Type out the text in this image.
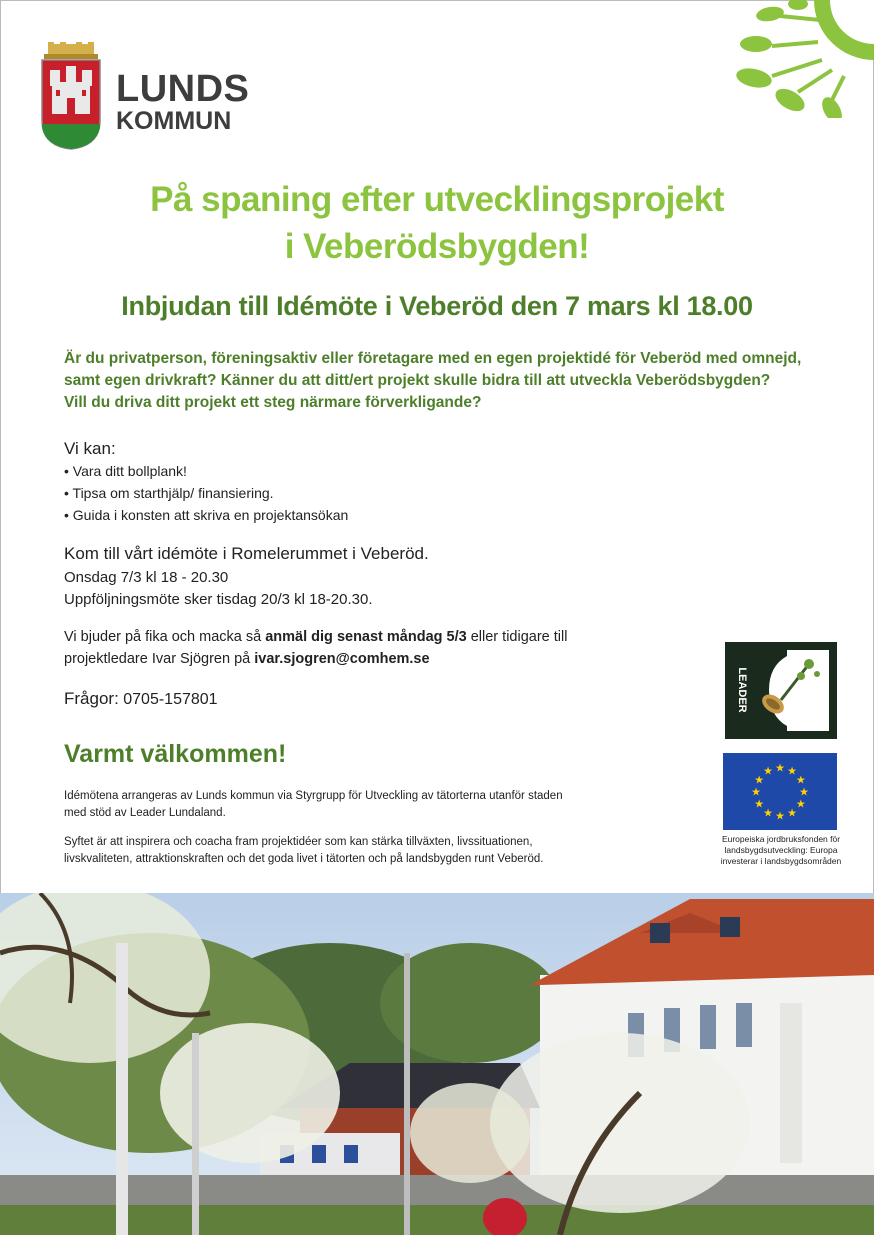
LUNDS
KOMMUN
På spaning efter utvecklingsprojekt
i Veberödsbygden!
Inbjudan till Idémöte i Veberöd den 7 mars kl 18.00
Är du privatperson, föreningsaktiv eller företagare med en egen projektidé för Veberöd med omnejd,
samt egen drivkraft? Känner du att ditt/ert projekt skulle bidra till att utveckla Veberödsbygden?
Vill du driva ditt projekt ett steg närmare förverkligande?
Vi kan:
• Vara ditt bollplank!
• Tipsa om starthjälp/ finansiering.
• Guida i konsten att skriva en projektansökan
Kom till vårt idémöte i Romelerummet i Veberöd.
Onsdag 7/3 kl 18 - 20.30
Uppföljningsmöte sker tisdag 20/3 kl 18-20.30.
Vi bjuder på fika och macka så anmäl dig senast måndag 5/3 eller tidigare till
projektledare Ivar Sjögren på ivar.sjogren@comhem.se
Frågor: 0705-157801
Varmt välkommen!
Idémötena arrangeras av Lunds kommun via Styrgrupp för Utveckling av tätorterna utanför staden
med stöd av Leader Lundaland.
Syftet är att inspirera och coacha fram projektidéer som kan stärka tillväxten, livssituationen,
livskvaliteten, attraktionskraften och det goda livet i tätorten och på landsbygden runt Veberöd.
LEADER
★ ★
★
★
★
★
★
★
★
★
★
★
Europeiska jordbruksfonden för
landsbygdsutveckling: Europa
investerar i landsbygdsområden
